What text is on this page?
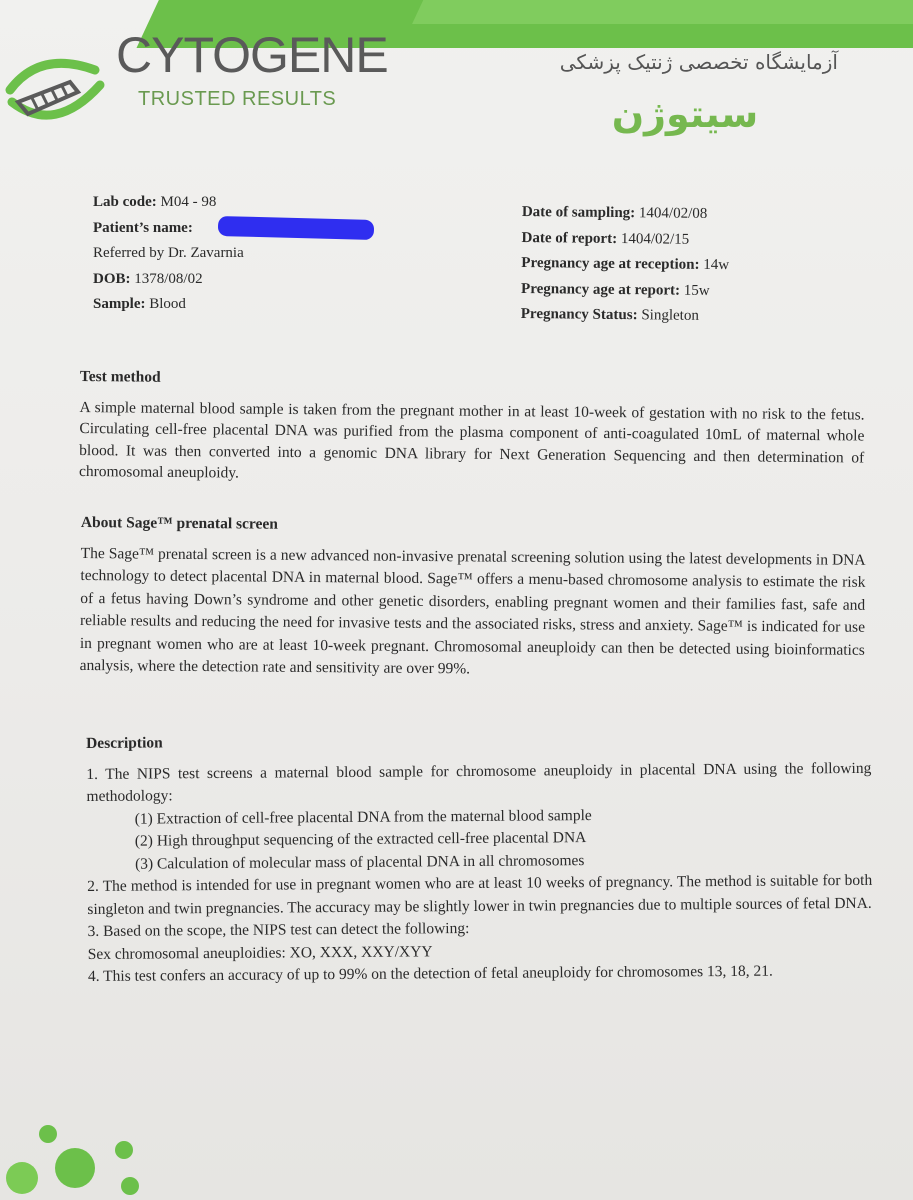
CYTOGENE
TRUSTED RESULTS
آزمایشگاه تخصصی ژنتیک پزشکی
سیتوژن
Lab code: M04 - 98
Patient’s name:
Referred by Dr. Zavarnia
DOB: 1378/08/02
Sample: Blood
Date of sampling: 1404/02/08
Date of report: 1404/02/15
Pregnancy age at reception: 14w
Pregnancy age at report: 15w
Pregnancy Status: Singleton
Test method

A simple maternal blood sample is taken from the pregnant mother in at least 10-week of gestation with no risk to the fetus. Circulating cell-free placental DNA was purified from the plasma component of anti-coagulated 10mL of maternal whole blood. It was then converted into a genomic DNA library for Next Generation Sequencing and then determination of chromosomal aneuploidy.

About Sage™ prenatal screen

The Sage™ prenatal screen is a new advanced non-invasive prenatal screening solution using the latest developments in DNA technology to detect placental DNA in maternal blood. Sage™ offers a menu-based chromosome analysis to estimate the risk of a fetus having Down’s syndrome and other genetic disorders, enabling pregnant women and their families fast, safe and reliable results and reducing the need for invasive tests and the associated risks, stress and anxiety. Sage™ is indicated for use in pregnant women who are at least 10-week pregnant. Chromosomal aneuploidy can then be detected using bioinformatics analysis, where the detection rate and sensitivity are over 99%.

Description

1. The NIPS test screens a maternal blood sample for chromosome aneuploidy in placental DNA using the following methodology:

(1) Extraction of cell-free placental DNA from the maternal blood sample

(2) High throughput sequencing of the extracted cell-free placental DNA

(3) Calculation of molecular mass of placental DNA in all chromosomes

2. The method is intended for use in pregnant women who are at least 10 weeks of pregnancy. The method is suitable for both singleton and twin pregnancies. The accuracy may be slightly lower in twin pregnancies due to multiple sources of fetal DNA.

3. Based on the scope, the NIPS test can detect the following:

Sex chromosomal aneuploidies: XO, XXX, XXY/XYY

4. This test confers an accuracy of up to 99% on the detection of fetal aneuploidy for chromosomes 13, 18, 21.
